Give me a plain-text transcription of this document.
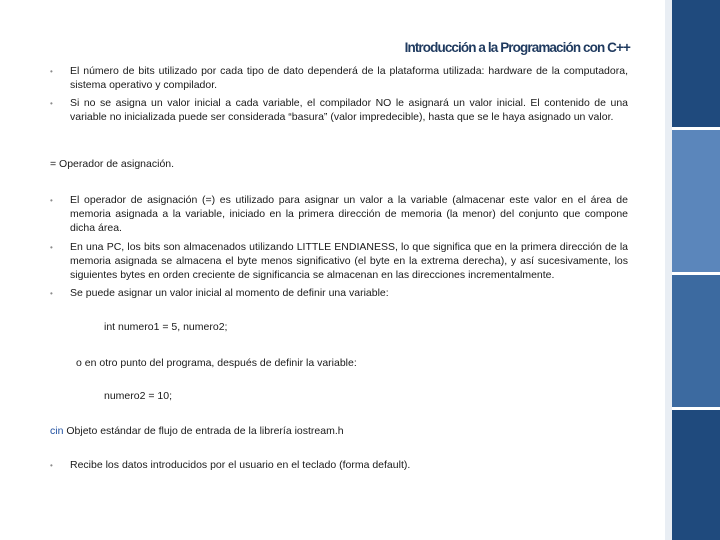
Introducción a la Programación con C++
• El número de bits utilizado por cada tipo de dato dependerá de la plataforma utilizada: hardware de la computadora, sistema operativo y compilador.
• Si no se asigna un valor inicial a cada variable, el compilador NO le asignará un valor inicial. El contenido de una variable no inicializada puede ser considerada “basura” (valor impredecible), hasta que se le haya asignado un valor.
= Operador de asignación.
• El operador de asignación (=) es utilizado para asignar un valor a la variable (almacenar este valor en el área de memoria asignada a la variable, iniciado en la primera dirección de memoria (la menor) del conjunto que compone dicha área.
• En una PC, los bits son almacenados utilizando LITTLE ENDIANESS, lo que significa que en la primera dirección de la memoria asignada se almacena el byte menos significativo (el byte en la extrema derecha), y así sucesivamente, los siguientes bytes en orden creciente de significancia se almacenan en las direcciones incrementalmente.
• Se puede asignar un valor inicial al momento de definir una variable:
int numero1 = 5, numero2;
o en otro punto del programa, después de definir la variable:
numero2 = 10;
cin Objeto estándar de flujo de entrada de la librería iostream.h
• Recibe los datos introducidos por el usuario en el teclado (forma default).
